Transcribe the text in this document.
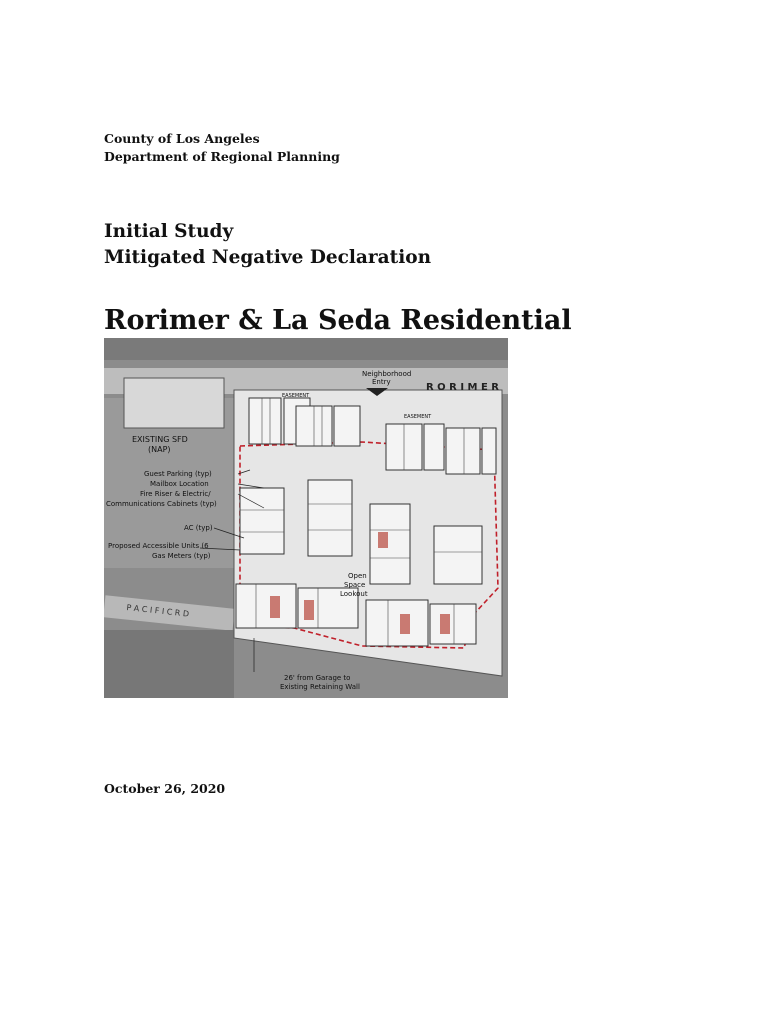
County of Los Angeles
Department of Regional Planning
Initial Study
Mitigated Negative Declaration
Rorimer & La Seda Residential
Neighborhood
Entry
EASEMENT
EASEMENT
EXISTING SFD
(NAP)
Guest Parking (typ)
Mailbox Location
Fire Riser & Electric/
Communications Cabinets (typ)
AC (typ)
Proposed Accessible Units (6
Gas Meters (typ)
Open
Space
Lookout
26' from Garage to
Existing Retaining Wall
R O R I M E R
P A C I F I C R D
October 26, 2020
